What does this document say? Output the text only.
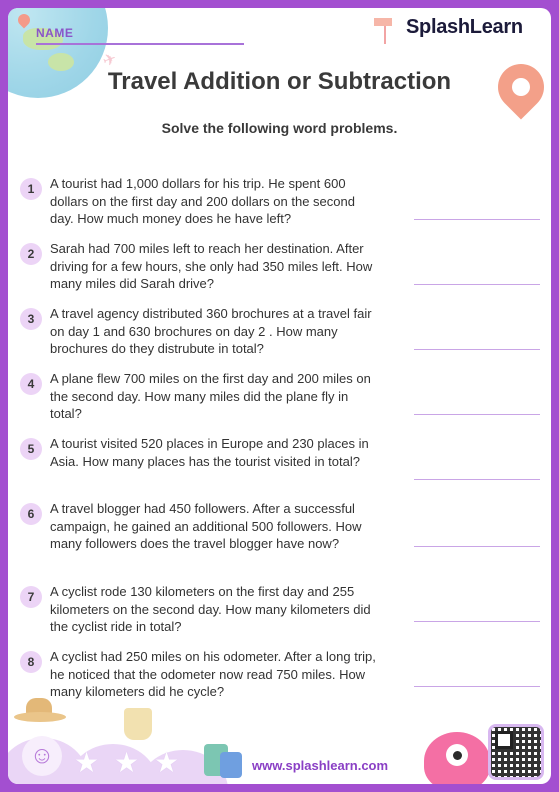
✈
NAME	SplashLearn
Travel Addition or Subtraction
Solve the following word problems.
1	A tourist had 1,000 dollars for his trip. He spent 600 dollars on the first day and 200 dollars on the second day. How much money does he have left?
2	Sarah had 700 miles left to reach her destination. After driving for a few hours, she only had 350 miles left. How many miles did Sarah drive?
3	A travel agency distributed 360 brochures at a travel fair on day 1 and 630 brochures on day 2 . How many brochures do they distrubute in total?
4	A plane flew 700 miles on the first day and 200 miles on the second day. How many miles did the plane fly in total?
5	A tourist visited 520 places in Europe and 230 places in Asia. How many places has the tourist visited in total?
6	A travel blogger had 450 followers. After a successful campaign, he gained an additional 500 followers. How many followers does the travel blogger have now?
7	A cyclist rode 130 kilometers on the first day and 255 kilometers on the second day. How many kilometers did the cyclist ride in total?
8	A cyclist had 250 miles on his odometer. After a long trip, he noticed that the odometer now read 750 miles. How many kilometers did he cycle?
☺ ★ ★ ★	www.splashlearn.com
